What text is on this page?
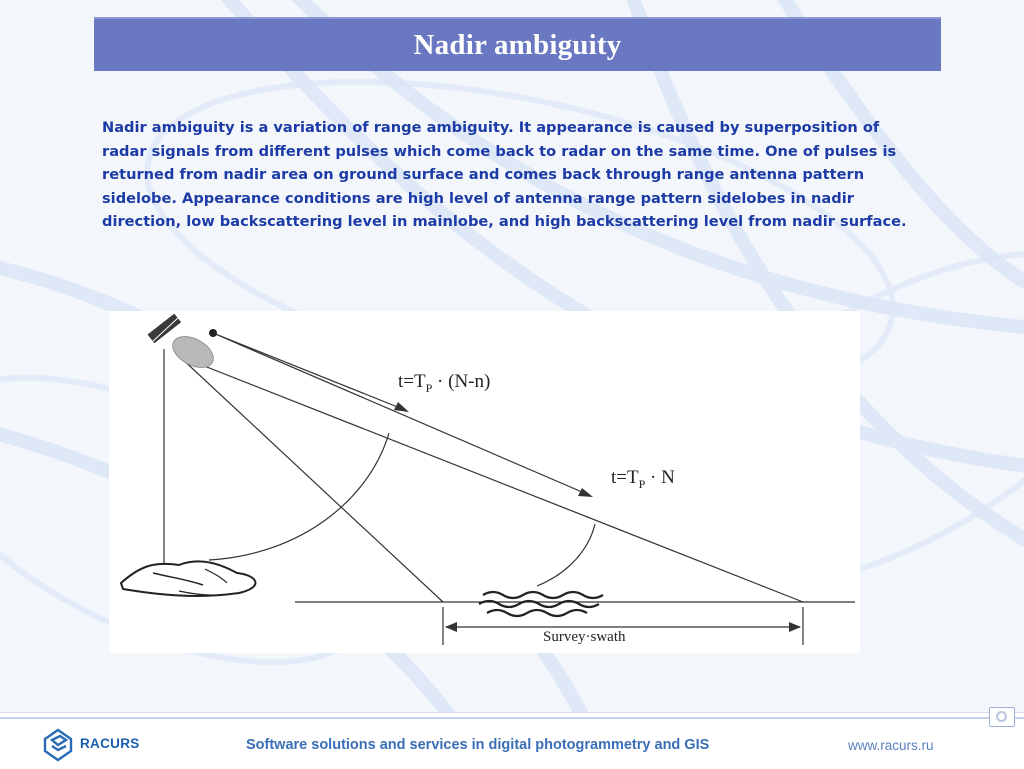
Nadir ambiguity

Nadir ambiguity is a variation of range ambiguity. It appearance is caused by superposition of radar signals from different pulses which come back to radar on the same time. One of pulses is returned from nadir area on ground surface and comes back through range antenna pattern sidelobe. Appearance conditions are high level of antenna range pattern sidelobes in nadir direction, low backscattering level in mainlobe, and high backscattering level from nadir surface.

$t=T_P \cdot (N-n)$
$t=T_P \cdot N$
Survey·swath
RACURS	Software solutions and services in digital photogrammetry and GIS	www.racurs.ru
